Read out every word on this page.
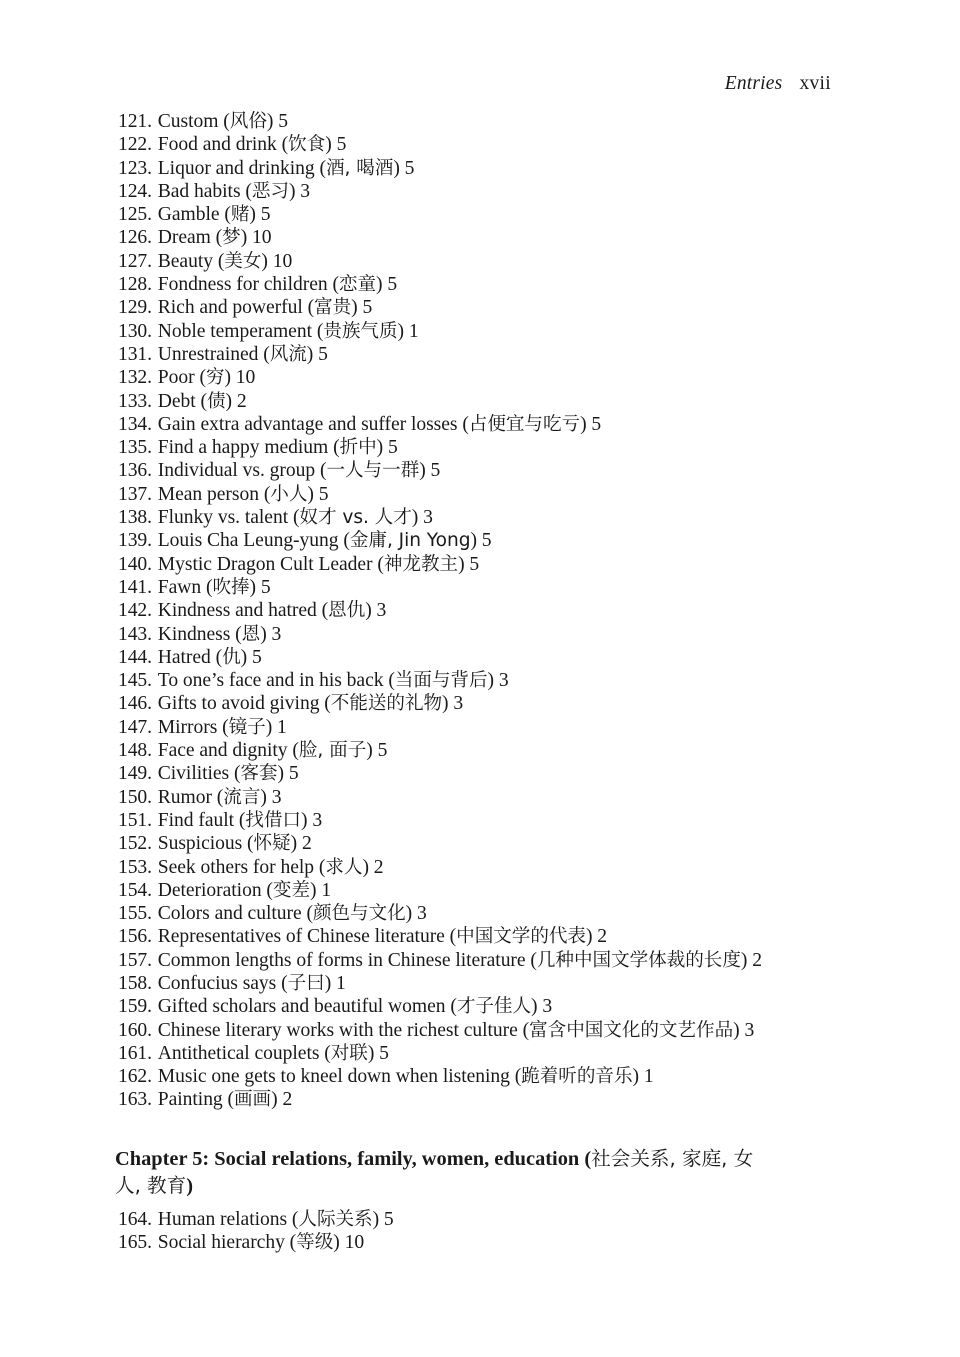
Entries xvii
121. Custom (风俗) 5
122. Food and drink (饮食) 5
123. Liquor and drinking (酒, 喝酒) 5
124. Bad habits (恶习) 3
125. Gamble (赌) 5
126. Dream (梦) 10
127. Beauty (美女) 10
128. Fondness for children (恋童) 5
129. Rich and powerful (富贵) 5
130. Noble temperament (贵族气质) 1
131. Unrestrained (风流) 5
132. Poor (穷) 10
133. Debt (债) 2
134. Gain extra advantage and suffer losses (占便宜与吃亏) 5
135. Find a happy medium (折中) 5
136. Individual vs. group (一人与一群) 5
137. Mean person (小人) 5
138. Flunky vs. talent (奴才 vs. 人才) 3
139. Louis Cha Leung-yung (金庸, Jin Yong) 5
140. Mystic Dragon Cult Leader (神龙教主) 5
141. Fawn (吹捧) 5
142. Kindness and hatred (恩仇) 3
143. Kindness (恩) 3
144. Hatred (仇) 5
145. To one’s face and in his back (当面与背后) 3
146. Gifts to avoid giving (不能送的礼物) 3
147. Mirrors (镜子) 1
148. Face and dignity (脸, 面子) 5
149. Civilities (客套) 5
150. Rumor (流言) 3
151. Find fault (找借口) 3
152. Suspicious (怀疑) 2
153. Seek others for help (求人) 2
154. Deterioration (变差) 1
155. Colors and culture (颜色与文化) 3
156. Representatives of Chinese literature (中国文学的代表) 2
157. Common lengths of forms in Chinese literature (几种中国文学体裁的长度) 2
158. Confucius says (子曰) 1
159. Gifted scholars and beautiful women (才子佳人) 3
160. Chinese literary works with the richest culture (富含中国文化的文艺作品) 3
161. Antithetical couplets (对联) 5
162. Music one gets to kneel down when listening (跪着听的音乐) 1
163. Painting (画画) 2
Chapter 5: Social relations, family, women, education (社会关系, 家庭, 女人, 教育)
164. Human relations (人际关系) 5
165. Social hierarchy (等级) 10
